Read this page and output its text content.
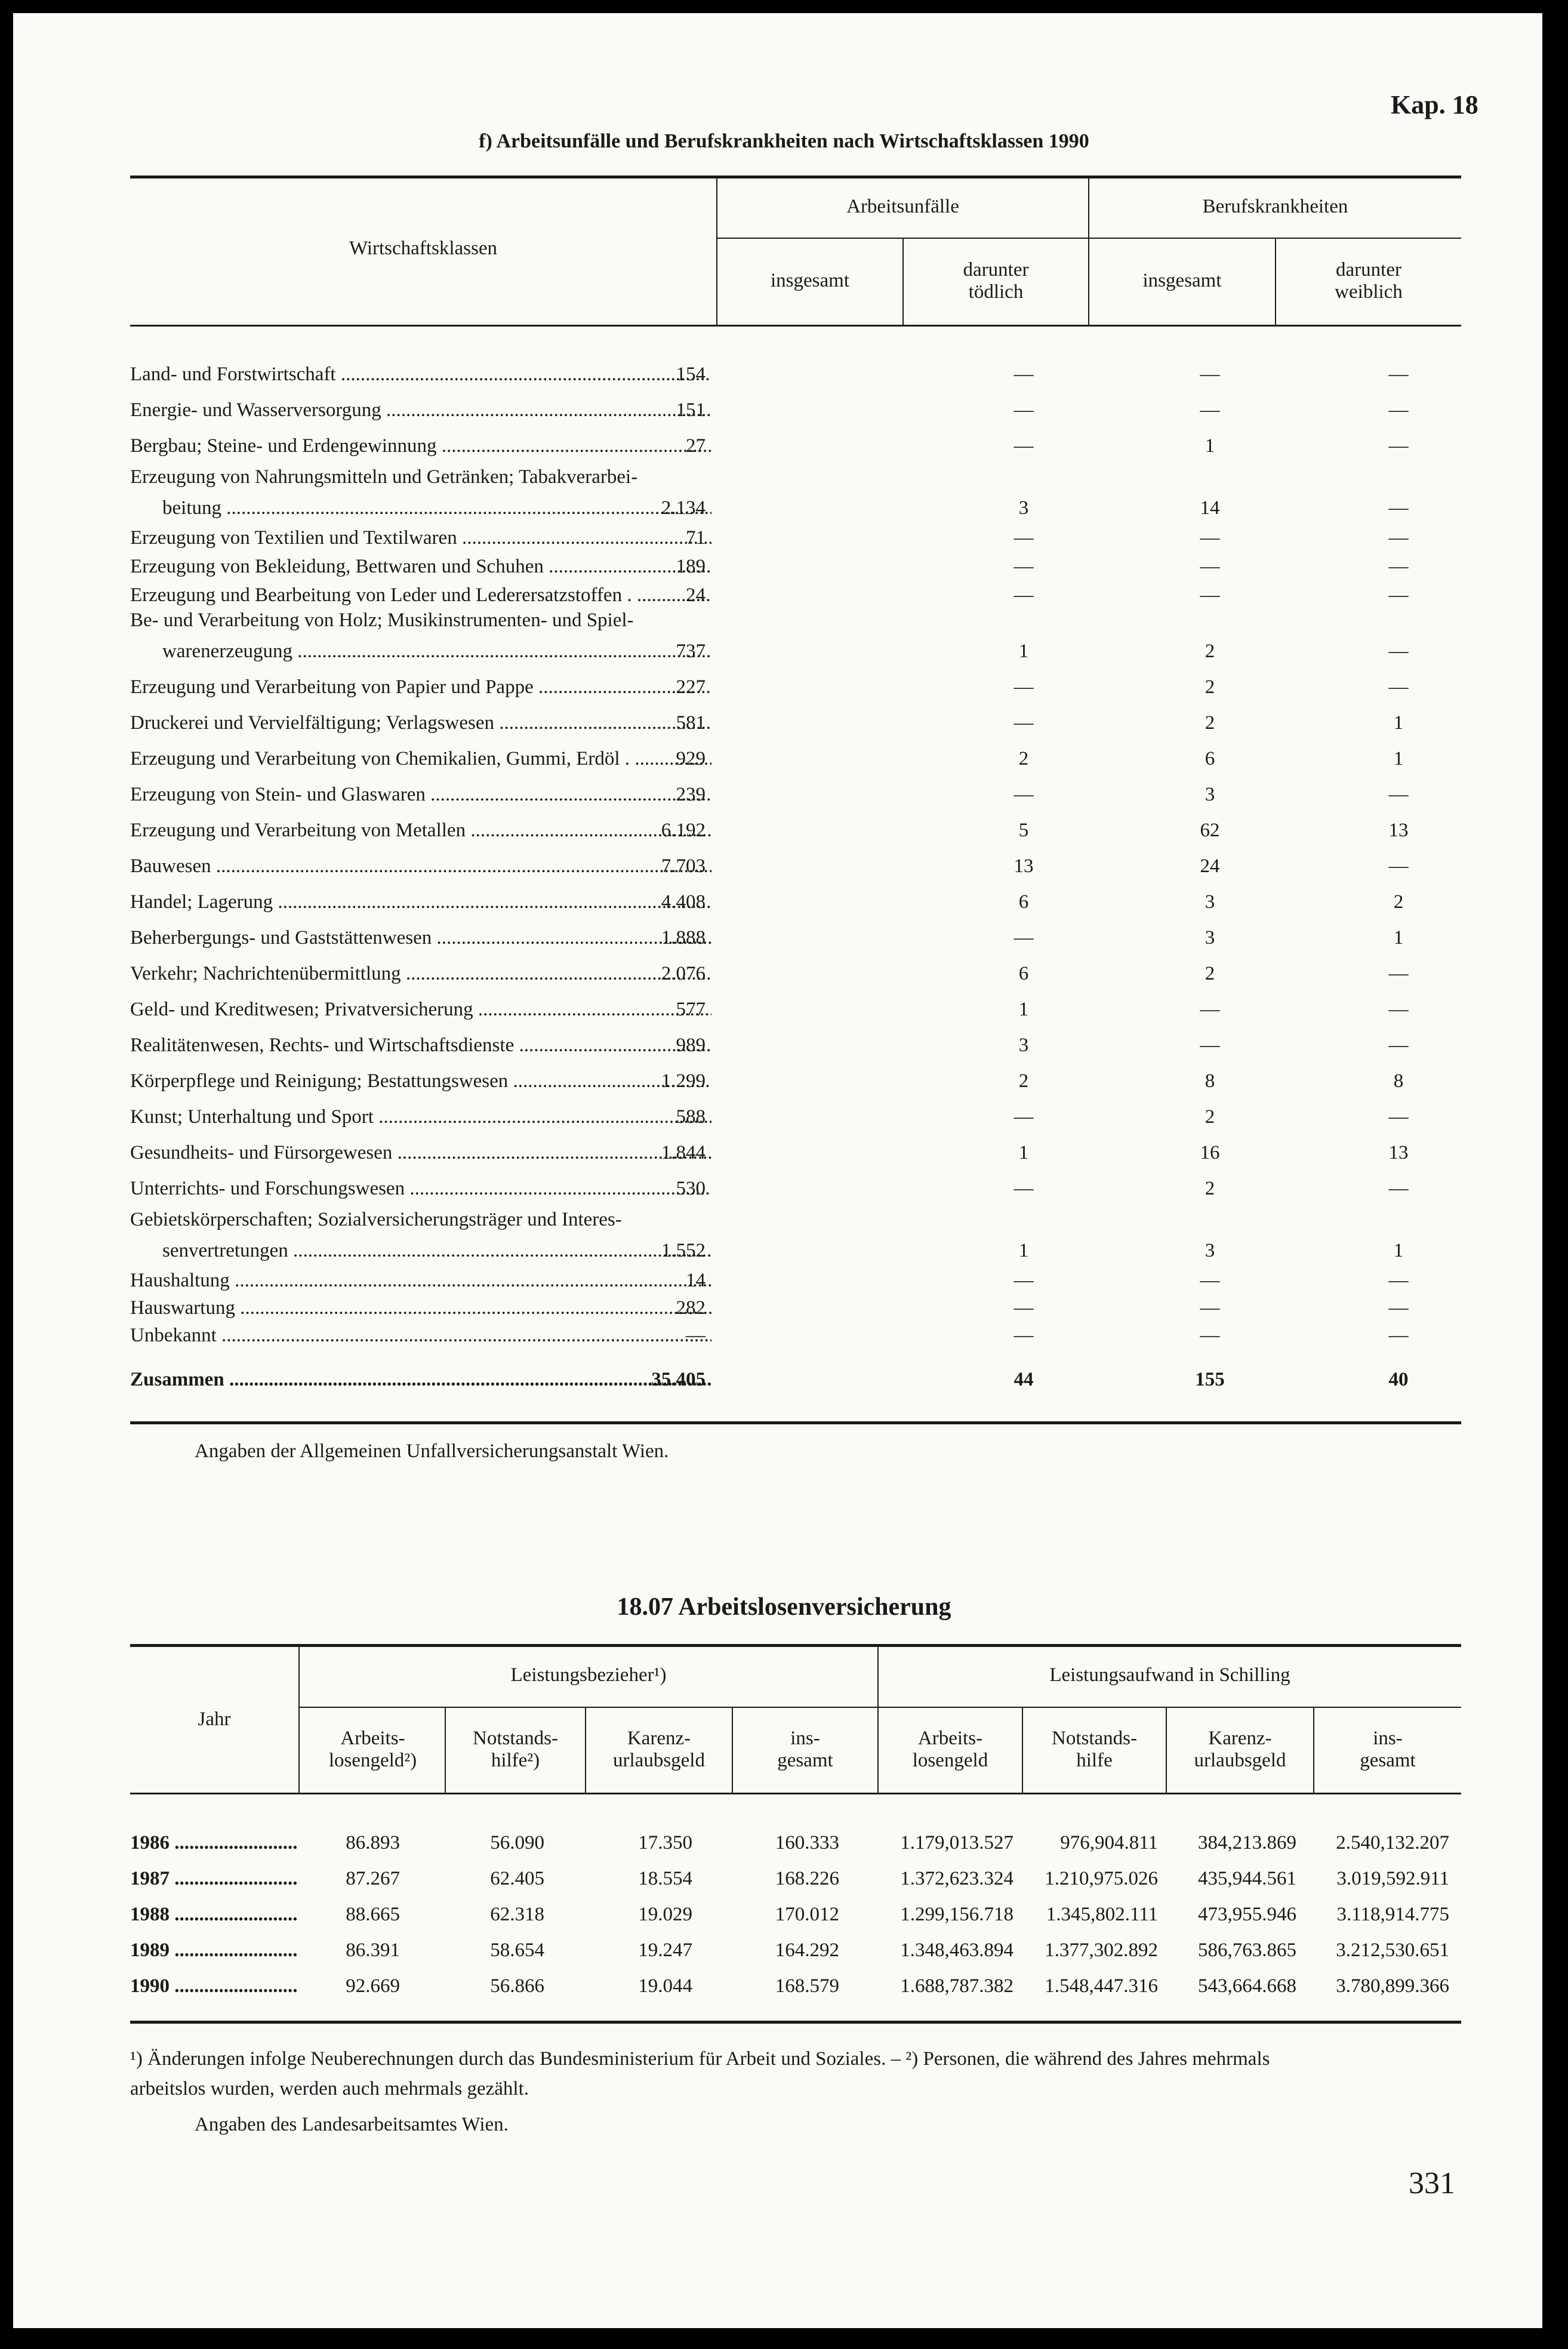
Kap. 18
f) Arbeitsunfälle und Berufskrankheiten nach Wirtschaftsklassen 1990
Wirtschaftsklassen
Arbeitsunfälle	Berufskrankheiten
insgesamt	darunter
tödlich
insgesamt	darunter
weiblich
Land- und Forstwirtschaft .....	154	—	—	—
Energie- und Wasserversorgung .....	151	—	—	—
Bergbau; Steine- und Erdengewinnung .....	27	—	1	—
Erzeugung von Nahrungsmitteln und Getränken; Tabakverarbei-
beitung .....	2.134	3	14	—
Erzeugung von Textilien und Textilwaren .....	71	—	—	—
Erzeugung von Bekleidung, Bettwaren und Schuhen .....	189	—	—	—
Erzeugung und Bearbeitung von Leder und Lederersatzstoffen . .....	24	—	—	—
Be- und Verarbeitung von Holz; Musikinstrumenten- und Spiel-
warenerzeugung .....	737	1	2	—
Erzeugung und Verarbeitung von Papier und Pappe .....	227	—	2	—
Druckerei und Vervielfältigung; Verlagswesen .....	581	—	2	1
Erzeugung und Verarbeitung von Chemikalien, Gummi, Erdöl . .....	929	2	6	1
Erzeugung von Stein- und Glaswaren .....	239	—	3	—
Erzeugung und Verarbeitung von Metallen .....	6.192	5	62	13
Bauwesen .....	7.703	13	24	—
Handel; Lagerung .....	4.408	6	3	2
Beherbergungs- und Gaststättenwesen .....	1.888	—	3	1
Verkehr; Nachrichtenübermittlung .....	2.076	6	2	—
Geld- und Kreditwesen; Privatversicherung .....	577	1	—	—
Realitätenwesen, Rechts- und Wirtschaftsdienste .....	989	3	—	—
Körperpflege und Reinigung; Bestattungswesen .....	1.299	2	8	8
Kunst; Unterhaltung und Sport .....	588	—	2	—
Gesundheits- und Fürsorgewesen .....	1.844	1	16	13
Unterrichts- und Forschungswesen .....	530	—	2	—
Gebietskörperschaften; Sozialversicherungsträger und Interes-
senvertretungen .....	1.552	1	3	1
Haushaltung .....	14	—	—	—
Hauswartung .....	282	—	—	—
Unbekannt .....	—	—	—	—
Zusammen .....	35.405	44	155	40
Angaben der Allgemeinen Unfallversicherungsanstalt Wien.
18.07 Arbeitslosenversicherung
Jahr
Leistungsbezieher¹)	Leistungsaufwand in Schilling
Arbeits-
losengeld²)
Notstands-
hilfe²)
Karenz-
urlaubsgeld
ins-
gesamt
Arbeits-
losengeld
Notstands-
hilfe
Karenz-
urlaubsgeld
ins-
gesamt
1986 .....	86.893	56.090	17.350	160.333	1.179,013.527	976,904.811	384,213.869	2.540,132.207
1987 .....	87.267	62.405	18.554	168.226	1.372,623.324	1.210,975.026	435,944.561	3.019,592.911
1988 .....	88.665	62.318	19.029	170.012	1.299,156.718	1.345,802.111	473,955.946	3.118,914.775
1989 .....	86.391	58.654	19.247	164.292	1.348,463.894	1.377,302.892	586,763.865	3.212,530.651
1990 .....	92.669	56.866	19.044	168.579	1.688,787.382	1.548,447.316	543,664.668	3.780,899.366
¹) Änderungen infolge Neuberechnungen durch das Bundesministerium für Arbeit und Soziales. – ²) Personen, die während des Jahres mehrmals
arbeitslos wurden, werden auch mehrmals gezählt.
Angaben des Landesarbeitsamtes Wien.
331
